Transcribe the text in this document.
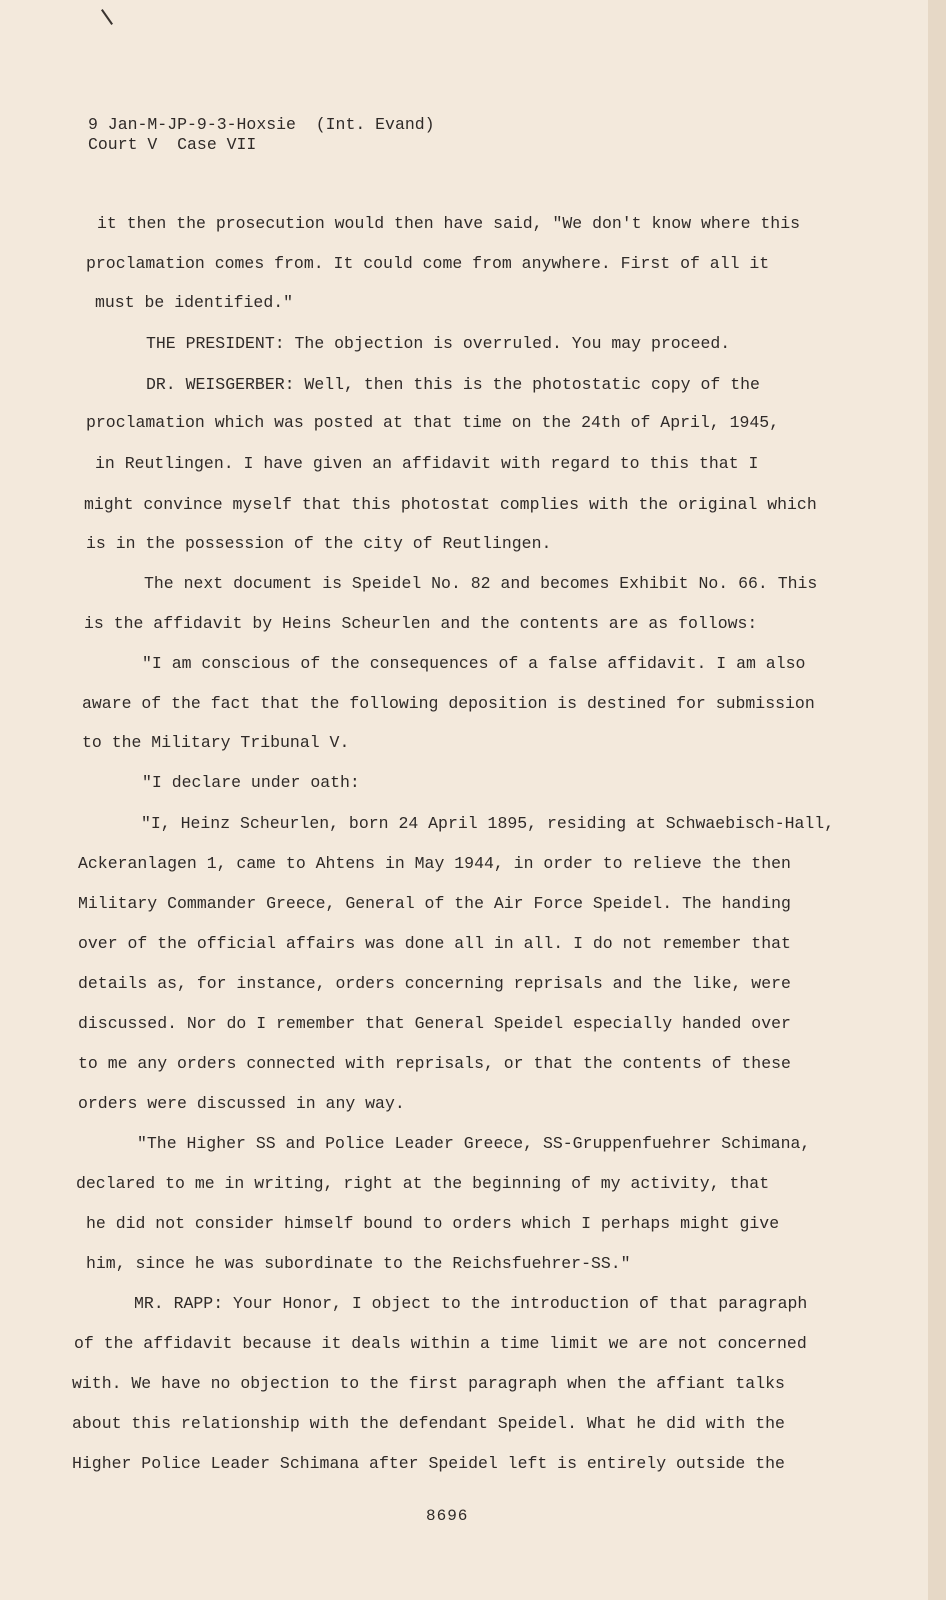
9 Jan-M-JP-9-3-Hoxsie  (Int. Evand)
Court V  Case VII
it then the prosecution would then have said, "We don't know where this
proclamation comes from. It could come from anywhere. First of all it
must be identified."
THE PRESIDENT: The objection is overruled. You may proceed.
DR. WEISGERBER: Well, then this is the photostatic copy of the
proclamation which was posted at that time on the 24th of April, 1945,
in Reutlingen. I have given an affidavit with regard to this that I
might convince myself that this photostat complies with the original which
is in the possession of the city of Reutlingen.
The next document is Speidel No. 82 and becomes Exhibit No. 66. This
is the affidavit by Heins Scheurlen and the contents are as follows:
"I am conscious of the consequences of a false affidavit. I am also
aware of the fact that the following deposition is destined for submission
to the Military Tribunal V.
"I declare under oath:
"I, Heinz Scheurlen, born 24 April 1895, residing at Schwaebisch-Hall,
Ackeranlagen 1, came to Ahtens in May 1944, in order to relieve the then
Military Commander Greece, General of the Air Force Speidel. The handing
over of the official affairs was done all in all. I do not remember that
details as, for instance, orders concerning reprisals and the like, were
discussed. Nor do I remember that General Speidel especially handed over
to me any orders connected with reprisals, or that the contents of these
orders were discussed in any way.
"The Higher SS and Police Leader Greece, SS-Gruppenfuehrer Schimana,
declared to me in writing, right at the beginning of my activity, that
he did not consider himself bound to orders which I perhaps might give
him, since he was subordinate to the Reichsfuehrer-SS."
MR. RAPP: Your Honor, I object to the introduction of that paragraph
of the affidavit because it deals within a time limit we are not concerned
with. We have no objection to the first paragraph when the affiant talks
about this relationship with the defendant Speidel. What he did with the
Higher Police Leader Schimana after Speidel left is entirely outside the
8696
